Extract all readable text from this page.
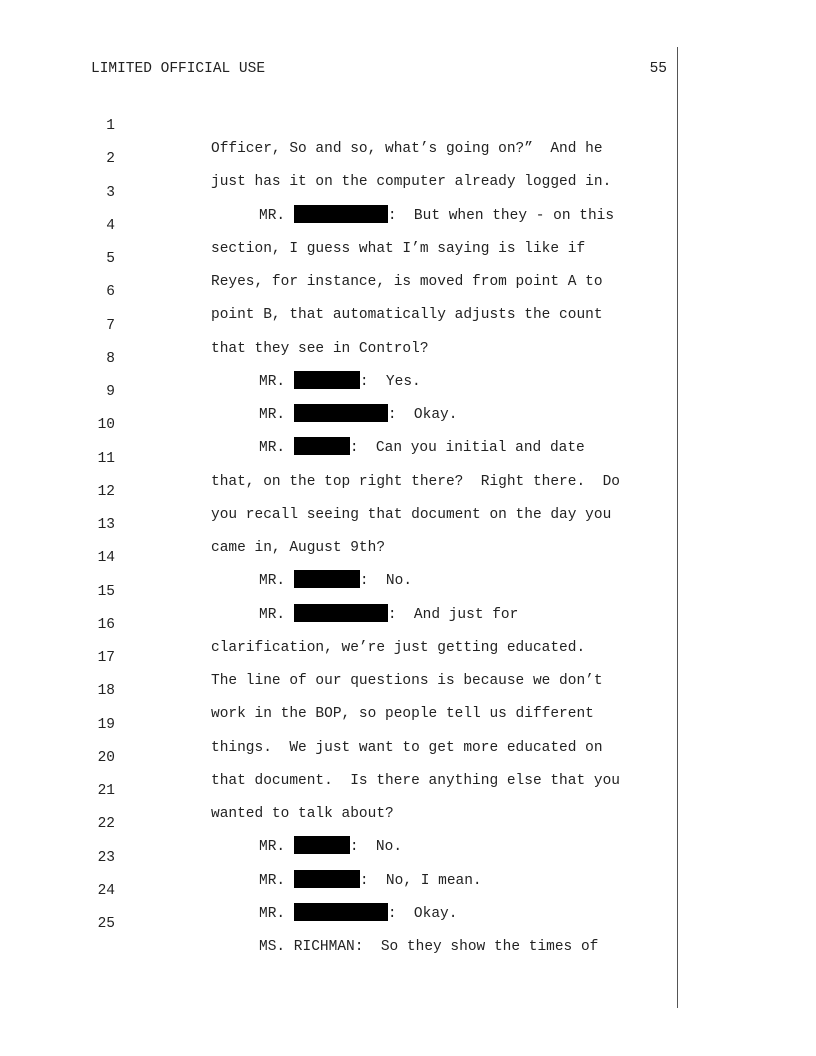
LIMITED OFFICIAL USE	55

1

Officer, So and so, what’s going on?”  And he

2

just has it on the computer already logged in.

3

MR.	:  But when they - on this

4

section, I guess what I’m saying is like if

5

Reyes, for instance, is moved from point A to

6

point B, that automatically adjusts the count

7

that they see in Control?

8

MR.	:  Yes.

9

MR.	:  Okay.

10

MR.	:  Can you initial and date

11

that, on the top right there?  Right there.  Do

12

you recall seeing that document on the day you

13

came in, August 9th?

14

MR.	:  No.

15

MR.	:  And just for

16

clarification, we’re just getting educated.

17

The line of our questions is because we don’t

18

work in the BOP, so people tell us different

19

things.  We just want to get more educated on

20

that document.  Is there anything else that you

21

wanted to talk about?

22

MR.	:  No.

23

MR.	:  No, I mean.

24

MR.	:  Okay.

25

MS. RICHMAN:  So they show the times of
